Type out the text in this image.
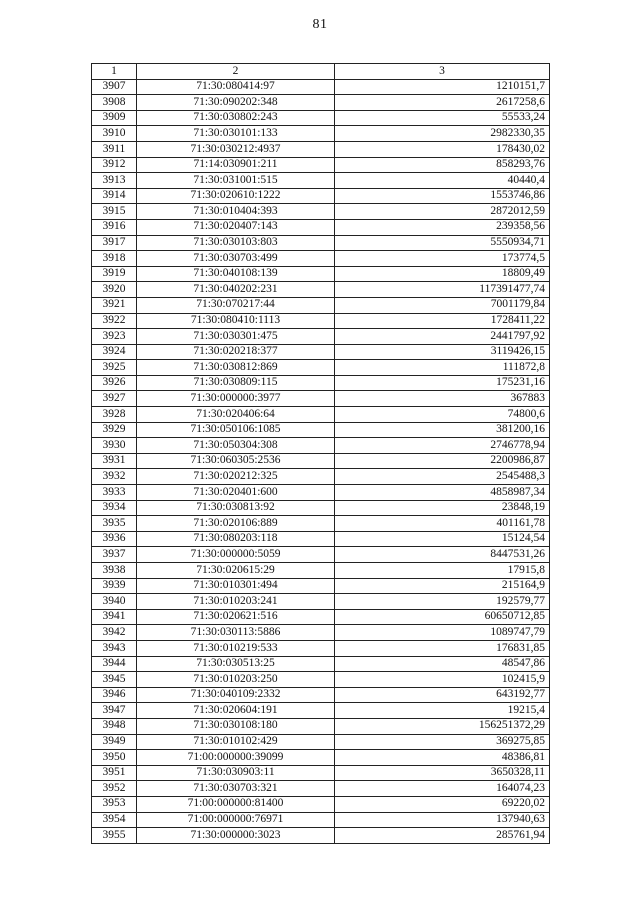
81
1	2	3
3907	71:30:080414:97	1210151,7
3908	71:30:090202:348	2617258,6
3909	71:30:030802:243	55533,24
3910	71:30:030101:133	2982330,35
3911	71:30:030212:4937	178430,02
3912	71:14:030901:211	858293,76
3913	71:30:031001:515	40440,4
3914	71:30:020610:1222	1553746,86
3915	71:30:010404:393	2872012,59
3916	71:30:020407:143	239358,56
3917	71:30:030103:803	5550934,71
3918	71:30:030703:499	173774,5
3919	71:30:040108:139	18809,49
3920	71:30:040202:231	117391477,74
3921	71:30:070217:44	7001179,84
3922	71:30:080410:1113	1728411,22
3923	71:30:030301:475	2441797,92
3924	71:30:020218:377	3119426,15
3925	71:30:030812:869	111872,8
3926	71:30:030809:115	175231,16
3927	71:30:000000:3977	367883
3928	71:30:020406:64	74800,6
3929	71:30:050106:1085	381200,16
3930	71:30:050304:308	2746778,94
3931	71:30:060305:2536	2200986,87
3932	71:30:020212:325	2545488,3
3933	71:30:020401:600	4858987,34
3934	71:30:030813:92	23848,19
3935	71:30:020106:889	401161,78
3936	71:30:080203:118	15124,54
3937	71:30:000000:5059	8447531,26
3938	71:30:020615:29	17915,8
3939	71:30:010301:494	215164,9
3940	71:30:010203:241	192579,77
3941	71:30:020621:516	60650712,85
3942	71:30:030113:5886	1089747,79
3943	71:30:010219:533	176831,85
3944	71:30:030513:25	48547,86
3945	71:30:010203:250	102415,9
3946	71:30:040109:2332	643192,77
3947	71:30:020604:191	19215,4
3948	71:30:030108:180	156251372,29
3949	71:30:010102:429	369275,85
3950	71:00:000000:39099	48386,81
3951	71:30:030903:11	3650328,11
3952	71:30:030703:321	164074,23
3953	71:00:000000:81400	69220,02
3954	71:00:000000:76971	137940,63
3955	71:30:000000:3023	285761,94
